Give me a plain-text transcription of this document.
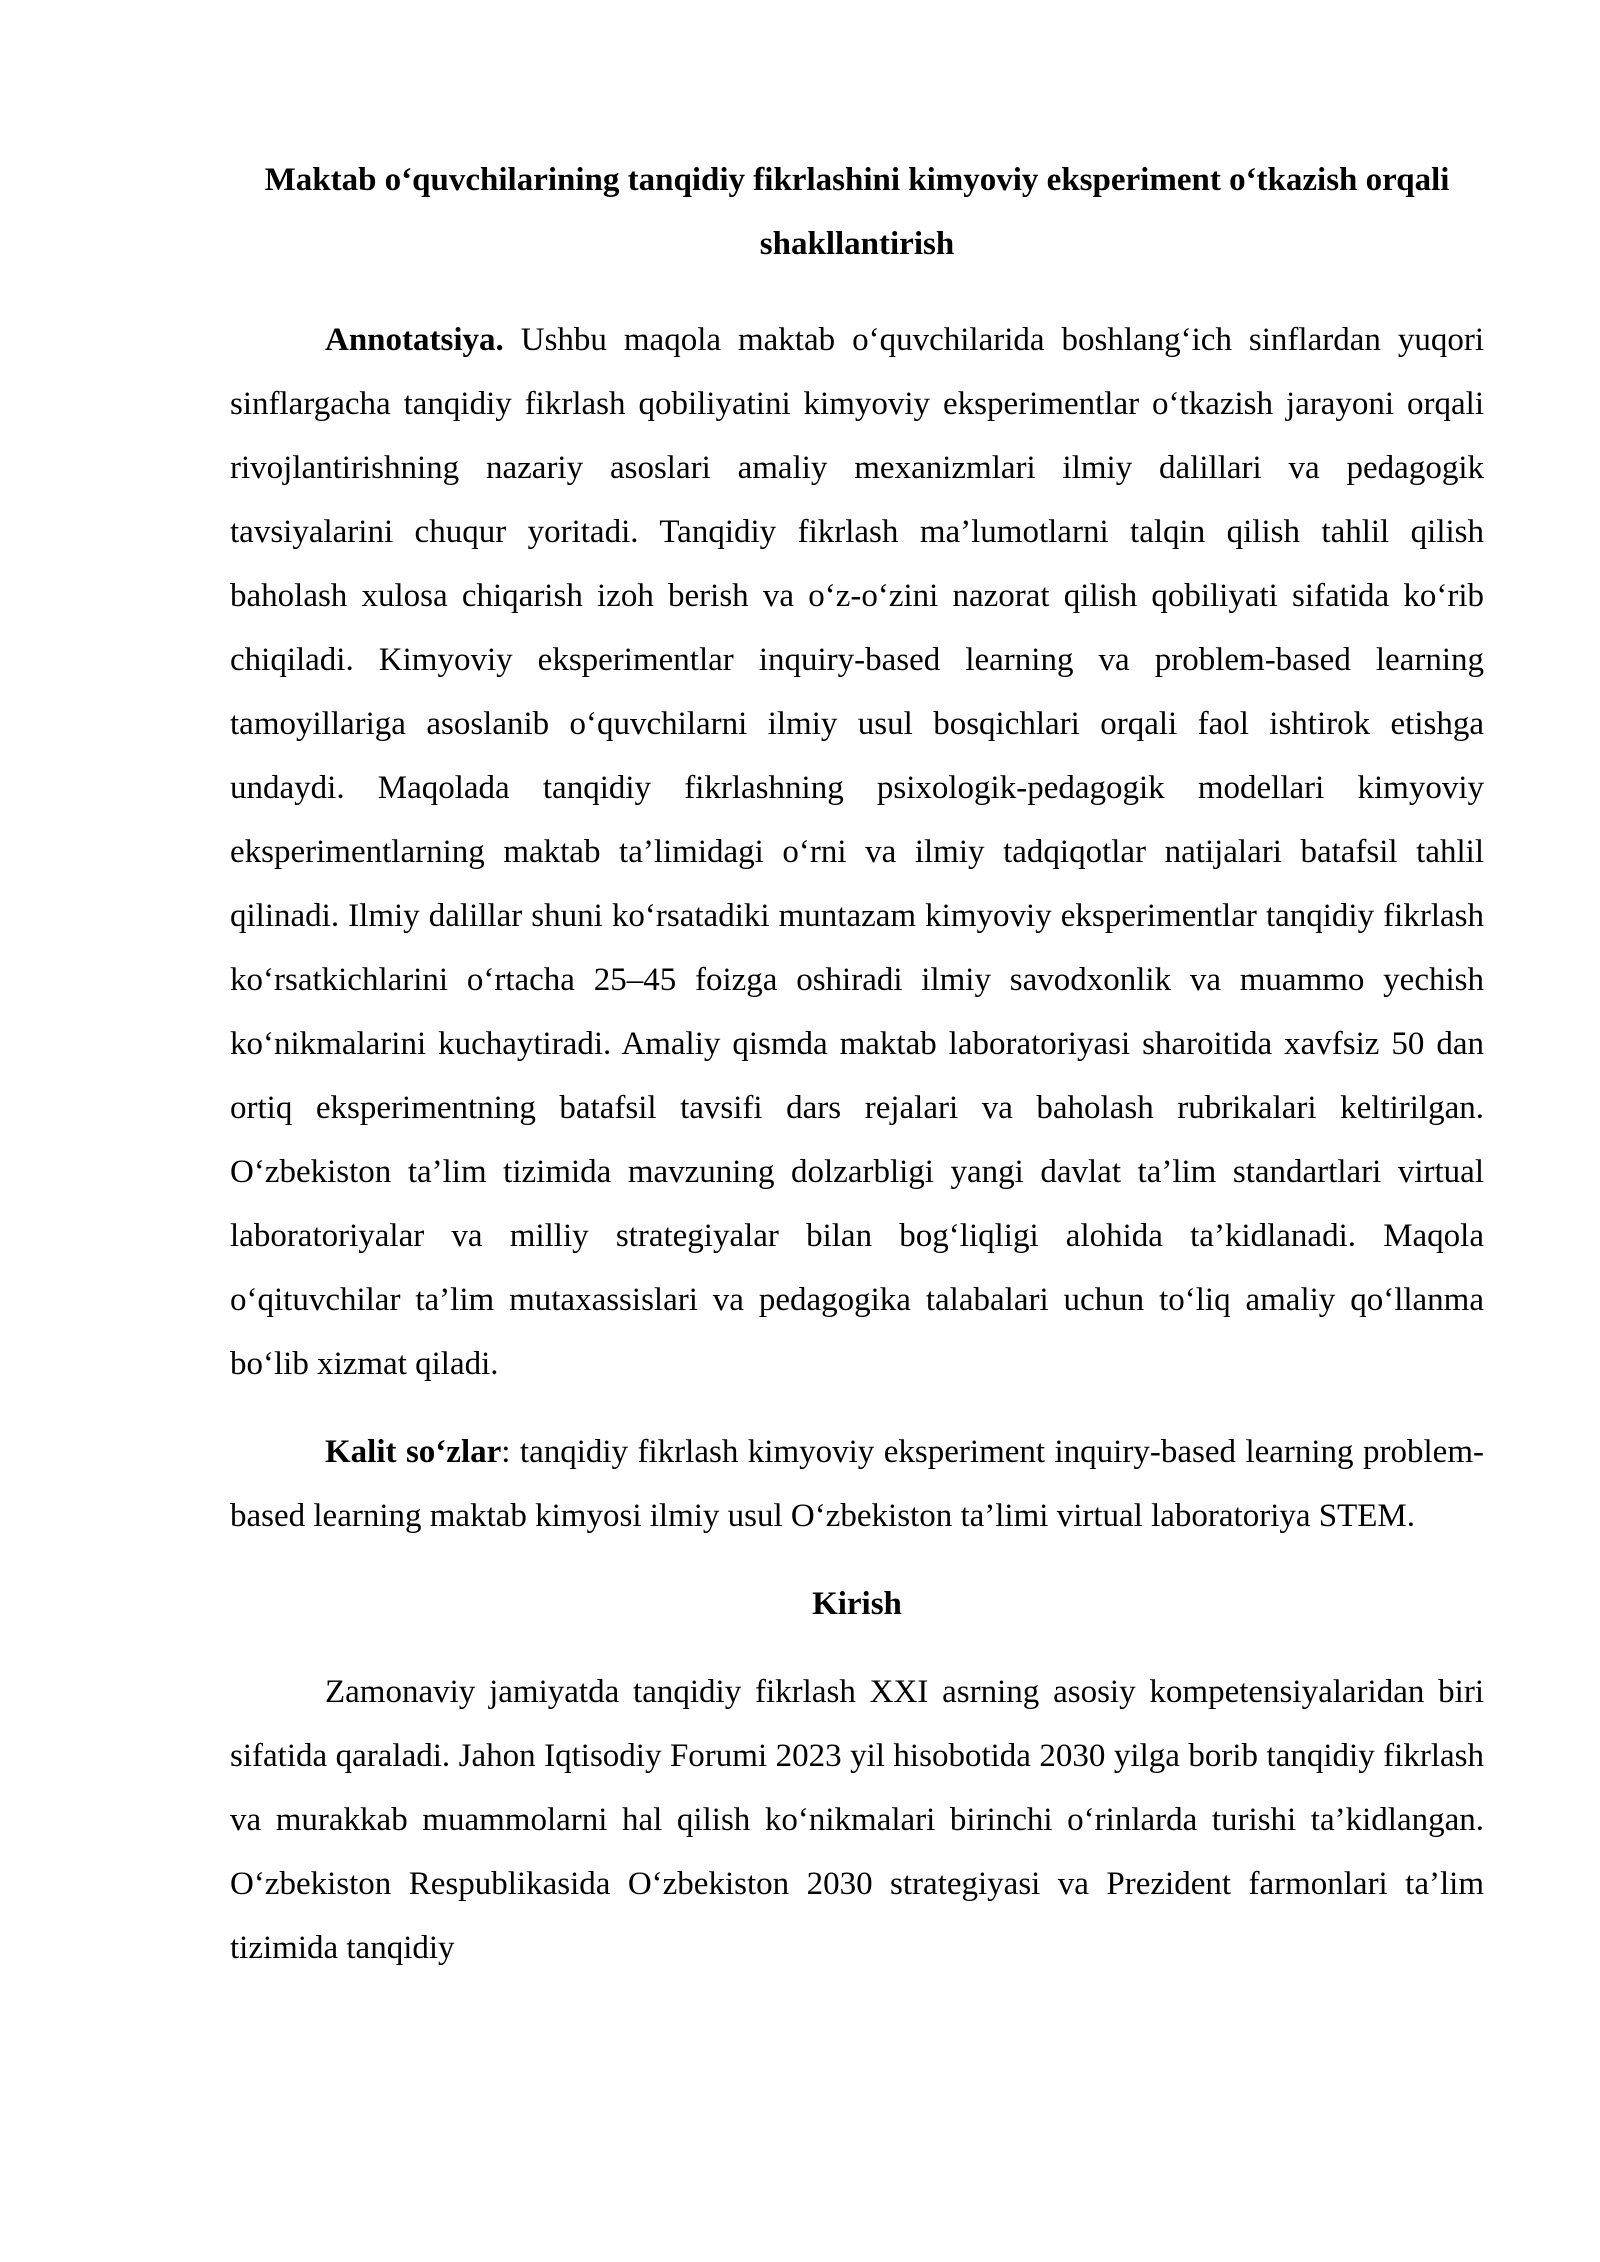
Maktab o‘quvchilarining tanqidiy fikrlashini kimyoviy eksperiment o‘tkazish orqali shakllantirish

Annotatsiya. Ushbu maqola maktab o‘quvchilarida boshlang‘ich sinflardan yuqori sinflargacha tanqidiy fikrlash qobiliyatini kimyoviy eksperimentlar o‘tkazish jarayoni orqali rivojlantirishning nazariy asoslari amaliy mexanizmlari ilmiy dalillari va pedagogik tavsiyalarini chuqur yoritadi. Tanqidiy fikrlash ma’lumotlarni talqin qilish tahlil qilish baholash xulosa chiqarish izoh berish va o‘z-o‘zini nazorat qilish qobiliyati sifatida ko‘rib chiqiladi. Kimyoviy eksperimentlar inquiry-based learning va problem-based learning tamoyillariga asoslanib o‘quvchilarni ilmiy usul bosqichlari orqali faol ishtirok etishga undaydi. Maqolada tanqidiy fikrlashning psixologik-pedagogik modellari kimyoviy eksperimentlarning maktab ta’limidagi o‘rni va ilmiy tadqiqotlar natijalari batafsil tahlil qilinadi. Ilmiy dalillar shuni ko‘rsatadiki muntazam kimyoviy eksperimentlar tanqidiy fikrlash ko‘rsatkichlarini o‘rtacha 25–45 foizga oshiradi ilmiy savodxonlik va muammo yechish ko‘nikmalarini kuchaytiradi. Amaliy qismda maktab laboratoriyasi sharoitida xavfsiz 50 dan ortiq eksperimentning batafsil tavsifi dars rejalari va baholash rubrikalari keltirilgan. O‘zbekiston ta’lim tizimida mavzuning dolzarbligi yangi davlat ta’lim standartlari virtual laboratoriyalar va milliy strategiyalar bilan bog‘liqligi alohida ta’kidlanadi. Maqola o‘qituvchilar ta’lim mutaxassislari va pedagogika talabalari uchun to‘liq amaliy qo‘llanma bo‘lib xizmat qiladi.

Kalit so‘zlar: tanqidiy fikrlash kimyoviy eksperiment inquiry-based learning problem-based learning maktab kimyosi ilmiy usul O‘zbekiston ta’limi virtual laboratoriya STEM.

Kirish

Zamonaviy jamiyatda tanqidiy fikrlash XXI asrning asosiy kompetensiyalaridan biri sifatida qaraladi. Jahon Iqtisodiy Forumi 2023 yil hisobotida 2030 yilga borib tanqidiy fikrlash va murakkab muammolarni hal qilish ko‘nikmalari birinchi o‘rinlarda turishi ta’kidlangan. O‘zbekiston Respublikasida O‘zbekiston 2030 strategiyasi va Prezident farmonlari ta’lim tizimida tanqidiy
